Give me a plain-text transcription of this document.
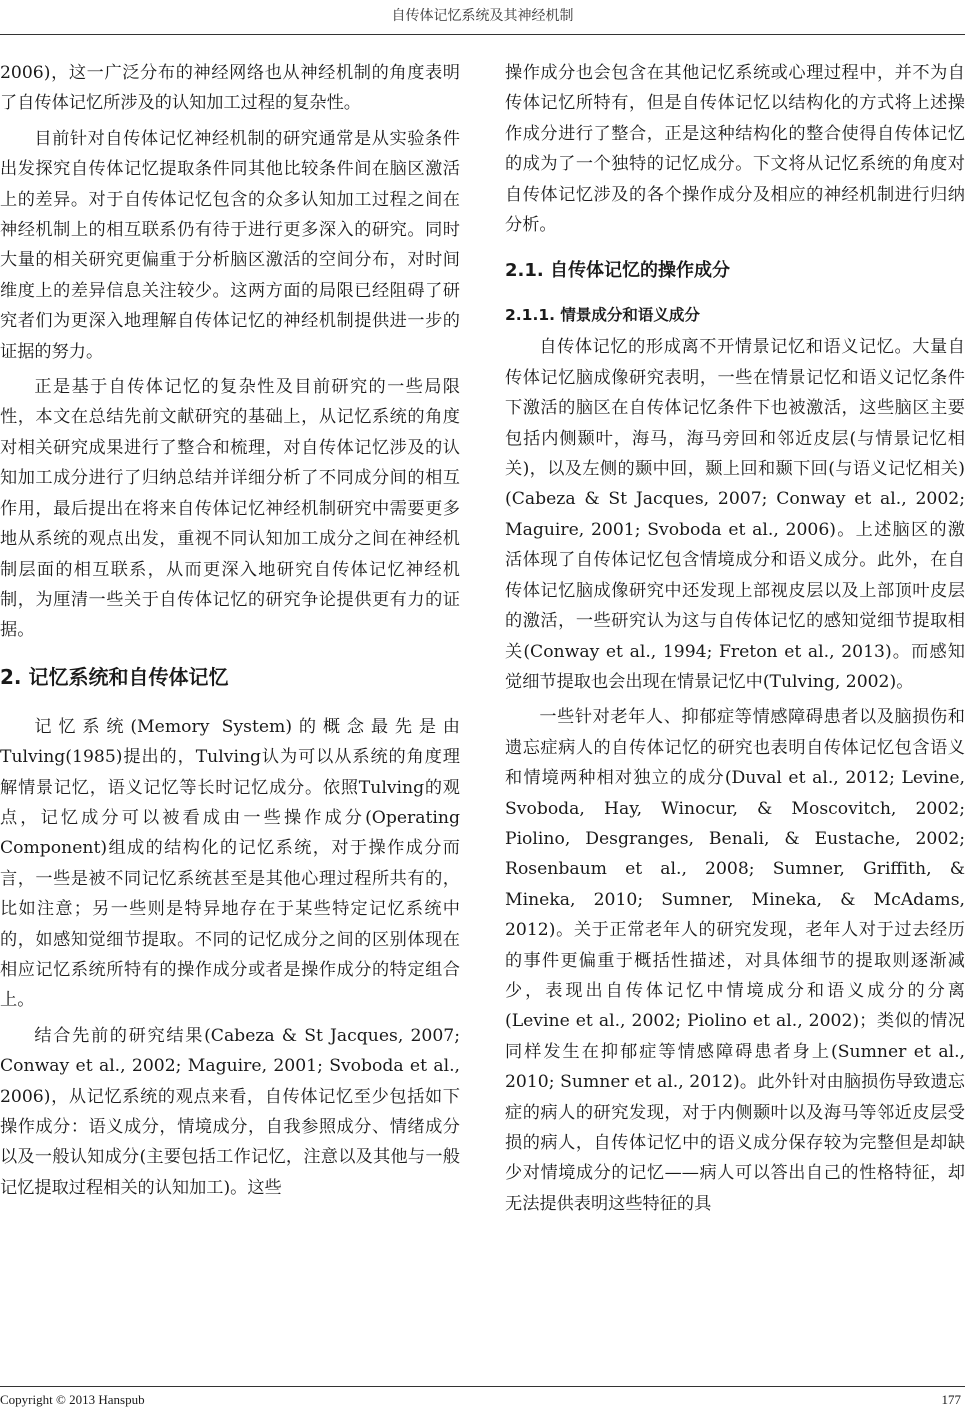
自传体记忆系统及其神经机制

2006)，这一广泛分布的神经网络也从神经机制的角度表明了自传体记忆所涉及的认知加工过程的复杂性。

目前针对自传体记忆神经机制的研究通常是从实验条件出发探究自传体记忆提取条件同其他比较条件间在脑区激活上的差异。对于自传体记忆包含的众多认知加工过程之间在神经机制上的相互联系仍有待于进行更多深入的研究。同时大量的相关研究更偏重于分析脑区激活的空间分布，对时间维度上的差异信息关注较少。这两方面的局限已经阻碍了研究者们为更深入地理解自传体记忆的神经机制提供进一步的证据的努力。

正是基于自传体记忆的复杂性及目前研究的一些局限性，本文在总结先前文献研究的基础上，从记忆系统的角度对相关研究成果进行了整合和梳理，对自传体记忆涉及的认知加工成分进行了归纳总结并详细分析了不同成分间的相互作用，最后提出在将来自传体记忆神经机制研究中需要更多地从系统的观点出发，重视不同认知加工成分之间在神经机制层面的相互联系，从而更深入地研究自传体记忆神经机制，为厘清一些关于自传体记忆的研究争论提供更有力的证据。

2. 记忆系统和自传体记忆

记忆系统(Memory System)的概念最先是由Tulving(1985)提出的，Tulving认为可以从系统的角度理解情景记忆，语义记忆等长时记忆成分。依照Tulving的观点，记忆成分可以被看成由一些操作成分(Operating Component)组成的结构化的记忆系统，对于操作成分而言，一些是被不同记忆系统甚至是其他心理过程所共有的，比如注意；另一些则是特异地存在于某些特定记忆系统中的，如感知觉细节提取。不同的记忆成分之间的区别体现在相应记忆系统所特有的操作成分或者是操作成分的特定组合上。

结合先前的研究结果(Cabeza & St Jacques, 2007; Conway et al., 2002; Maguire, 2001; Svoboda et al., 2006)，从记忆系统的观点来看，自传体记忆至少包括如下操作成分：语义成分，情境成分，自我参照成分、情绪成分以及一般认知成分(主要包括工作记忆，注意以及其他与一般记忆提取过程相关的认知加工)。这些

操作成分也会包含在其他记忆系统或心理过程中，并不为自传体记忆所特有，但是自传体记忆以结构化的方式将上述操作成分进行了整合，正是这种结构化的整合使得自传体记忆的成为了一个独特的记忆成分。下文将从记忆系统的角度对自传体记忆涉及的各个操作成分及相应的神经机制进行归纳分析。

2.1. 自传体记忆的操作成分
2.1.1. 情景成分和语义成分

自传体记忆的形成离不开情景记忆和语义记忆。大量自传体记忆脑成像研究表明，一些在情景记忆和语义记忆条件下激活的脑区在自传体记忆条件下也被激活，这些脑区主要包括内侧颞叶，海马，海马旁回和邻近皮层(与情景记忆相关)，以及左侧的颞中回，颞上回和颞下回(与语义记忆相关)(Cabeza & St Jacques, 2007; Conway et al., 2002; Maguire, 2001; Svoboda et al., 2006)。上述脑区的激活体现了自传体记忆包含情境成分和语义成分。此外，在自传体记忆脑成像研究中还发现上部视皮层以及上部顶叶皮层的激活，一些研究认为这与自传体记忆的感知觉细节提取相关(Conway et al., 1994; Freton et al., 2013)。而感知觉细节提取也会出现在情景记忆中(Tulving, 2002)。

一些针对老年人、抑郁症等情感障碍患者以及脑损伤和遗忘症病人的自传体记忆的研究也表明自传体记忆包含语义和情境两种相对独立的成分(Duval et al., 2012; Levine, Svoboda, Hay, Winocur, & Moscovitch, 2002; Piolino, Desgranges, Benali, & Eustache, 2002; Rosenbaum et al., 2008; Sumner, Griffith, & Mineka, 2010; Sumner, Mineka, & McAdams, 2012)。关于正常老年人的研究发现，老年人对于过去经历的事件更偏重于概括性描述，对具体细节的提取则逐渐减少，表现出自传体记忆中情境成分和语义成分的分离(Levine et al., 2002; Piolino et al., 2002)；类似的情况同样发生在抑郁症等情感障碍患者身上(Sumner et al., 2010; Sumner et al., 2012)。此外针对由脑损伤导致遗忘症的病人的研究发现，对于内侧颞叶以及海马等邻近皮层受损的病人，自传体记忆中的语义成分保存较为完整但是却缺少对情境成分的记忆——病人可以答出自己的性格特征，却无法提供表明这些特征的具

Copyright © 2013 Hanspub	177
